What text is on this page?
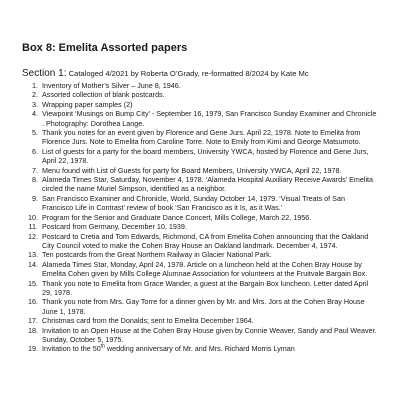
Box 8: Emelita Assorted papers
Section 1: Cataloged 4/2021 by Roberta O’Grady, re-formatted 8/2024 by Kate Mc
1. Inventory of Mother’s Silver – June 8, 1946.
2. Assorted collection of blank postcards.
3. Wrapping paper samples (2)
4. Viewpoint ‘Musings on Bump City’ - September 16, 1979, San Francisco Sunday Examiner and Chronicle . Photography: Dorothea Lange.
5. Thank you notes for an event given by Florence and Gene Jurs. April 22, 1978. Note to Emelita from Florence Jurs. Note to Emelita from Caroline Torre. Note to Emily from Kimi and George Matsumoto.
6. List of guests for a party for the board members, University YWCA, hosted by Florence and Gene Jurs, April 22, 1978.
7. Menu found with List of Guests for party for Board Members, University YWCA, April 22, 1978.
8. Alameda Times Star, Saturday, November 4, 1978. ‘Alameda Hospital Auxiliary Receive Awards’ Emelita circled the name Muriel Simpson, identified as a neighbor.
9. San Francisco Examiner and Chronicle, World, Sunday October 14, 1979. ‘Visual Treats of San Francisco Life in Contrast’ review of book ‘San Francisco as it Is, as it Was.’
10. Program for the Senior and Graduate Dance Concert, Mills College, March 22, 1956.
11. Postcard from Germany, December 10, 1939.
12. Postcard to Cretia and Tom Edwards, Richmond, CA from Emelita Cohen announcing that the Oakland City Council voted to make the Cohen Bray House an Oakland landmark. December 4, 1974.
13. Ten postcards from the Great Northern Railway in Glacier National Park.
14. Alameda Times Star, Monday, April 24, 1978. Article on a luncheon held at the Cohen Bray House by Emelita Cohen given by Mills College Alumnae Association for volunteers at the Fruitvale Bargain Box.
15. Thank you note to Emelita from Grace Wander, a guest at the Bargain Box luncheon. Letter dated April 29, 1978.
16. Thank you note from Mrs. Gay Torre for a dinner given by Mr. and Mrs. Jors at the Cohen Bray House June 1, 1978.
17. Christmas card from the Donalds; sent to Emelita December 1964.
18. Invitation to an Open House at the Cohen Bray House given by Connie Weaver, Sandy and Paul Weaver. Sunday, October 5, 1975.
19. Invitation to the 50th wedding anniversary of Mr. and Mrs. Richard Morris Lyman
